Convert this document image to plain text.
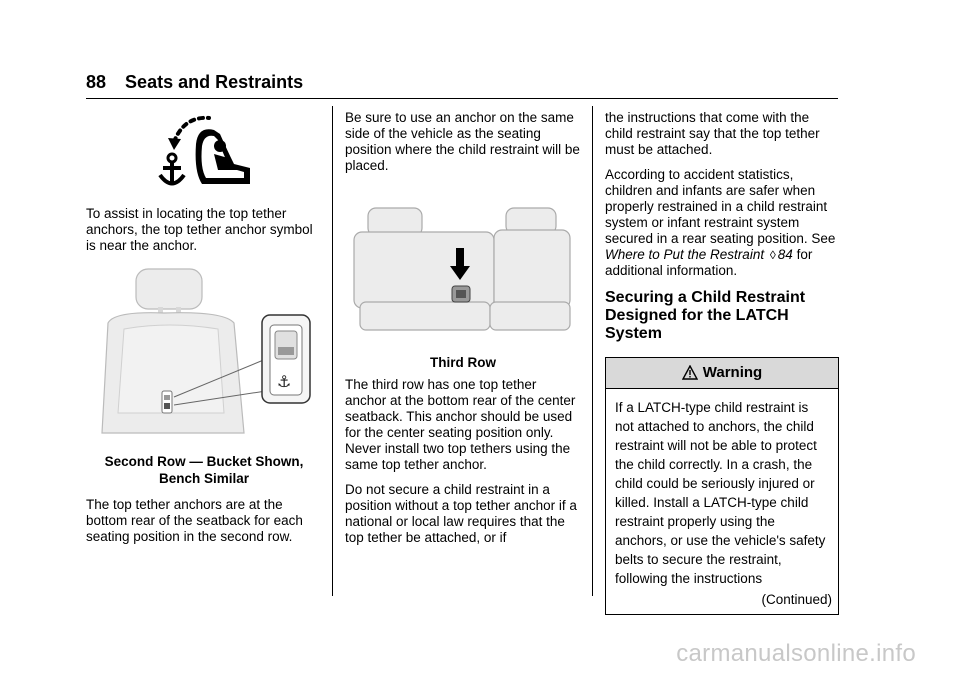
88 Seats and Restraints

To assist in locating the top tether anchors, the top tether anchor symbol is near the anchor.

⚓
Second Row — Bucket Shown,
Bench Similar

The top tether anchors are at the bottom rear of the seatback for each seating position in the second row.

Be sure to use an anchor on the same side of the vehicle as the seating position where the child restraint will be placed.

Third Row

The third row has one top tether anchor at the bottom rear of the center seatback. This anchor should be used for the center seating position only. Never install two top tethers using the same top tether anchor.

Do not secure a child restraint in a position without a top tether anchor if a national or local law requires that the top tether be attached, or if

the instructions that come with the child restraint say that the top tether must be attached.

According to accident statistics, children and infants are safer when properly restrained in a child restraint system or infant restraint system secured in a rear seating position. See Where to Put the Restraint ◊ 84 for additional information.

Securing a Child Restraint Designed for the LATCH System
Warning
If a LATCH-type child restraint is not attached to anchors, the child restraint will not be able to protect the child correctly. In a crash, the child could be seriously injured or killed. Install a LATCH-type child restraint properly using the anchors, or use the vehicle's safety belts to secure the restraint, following the instructions
(Continued)
carmanualsonline.info
